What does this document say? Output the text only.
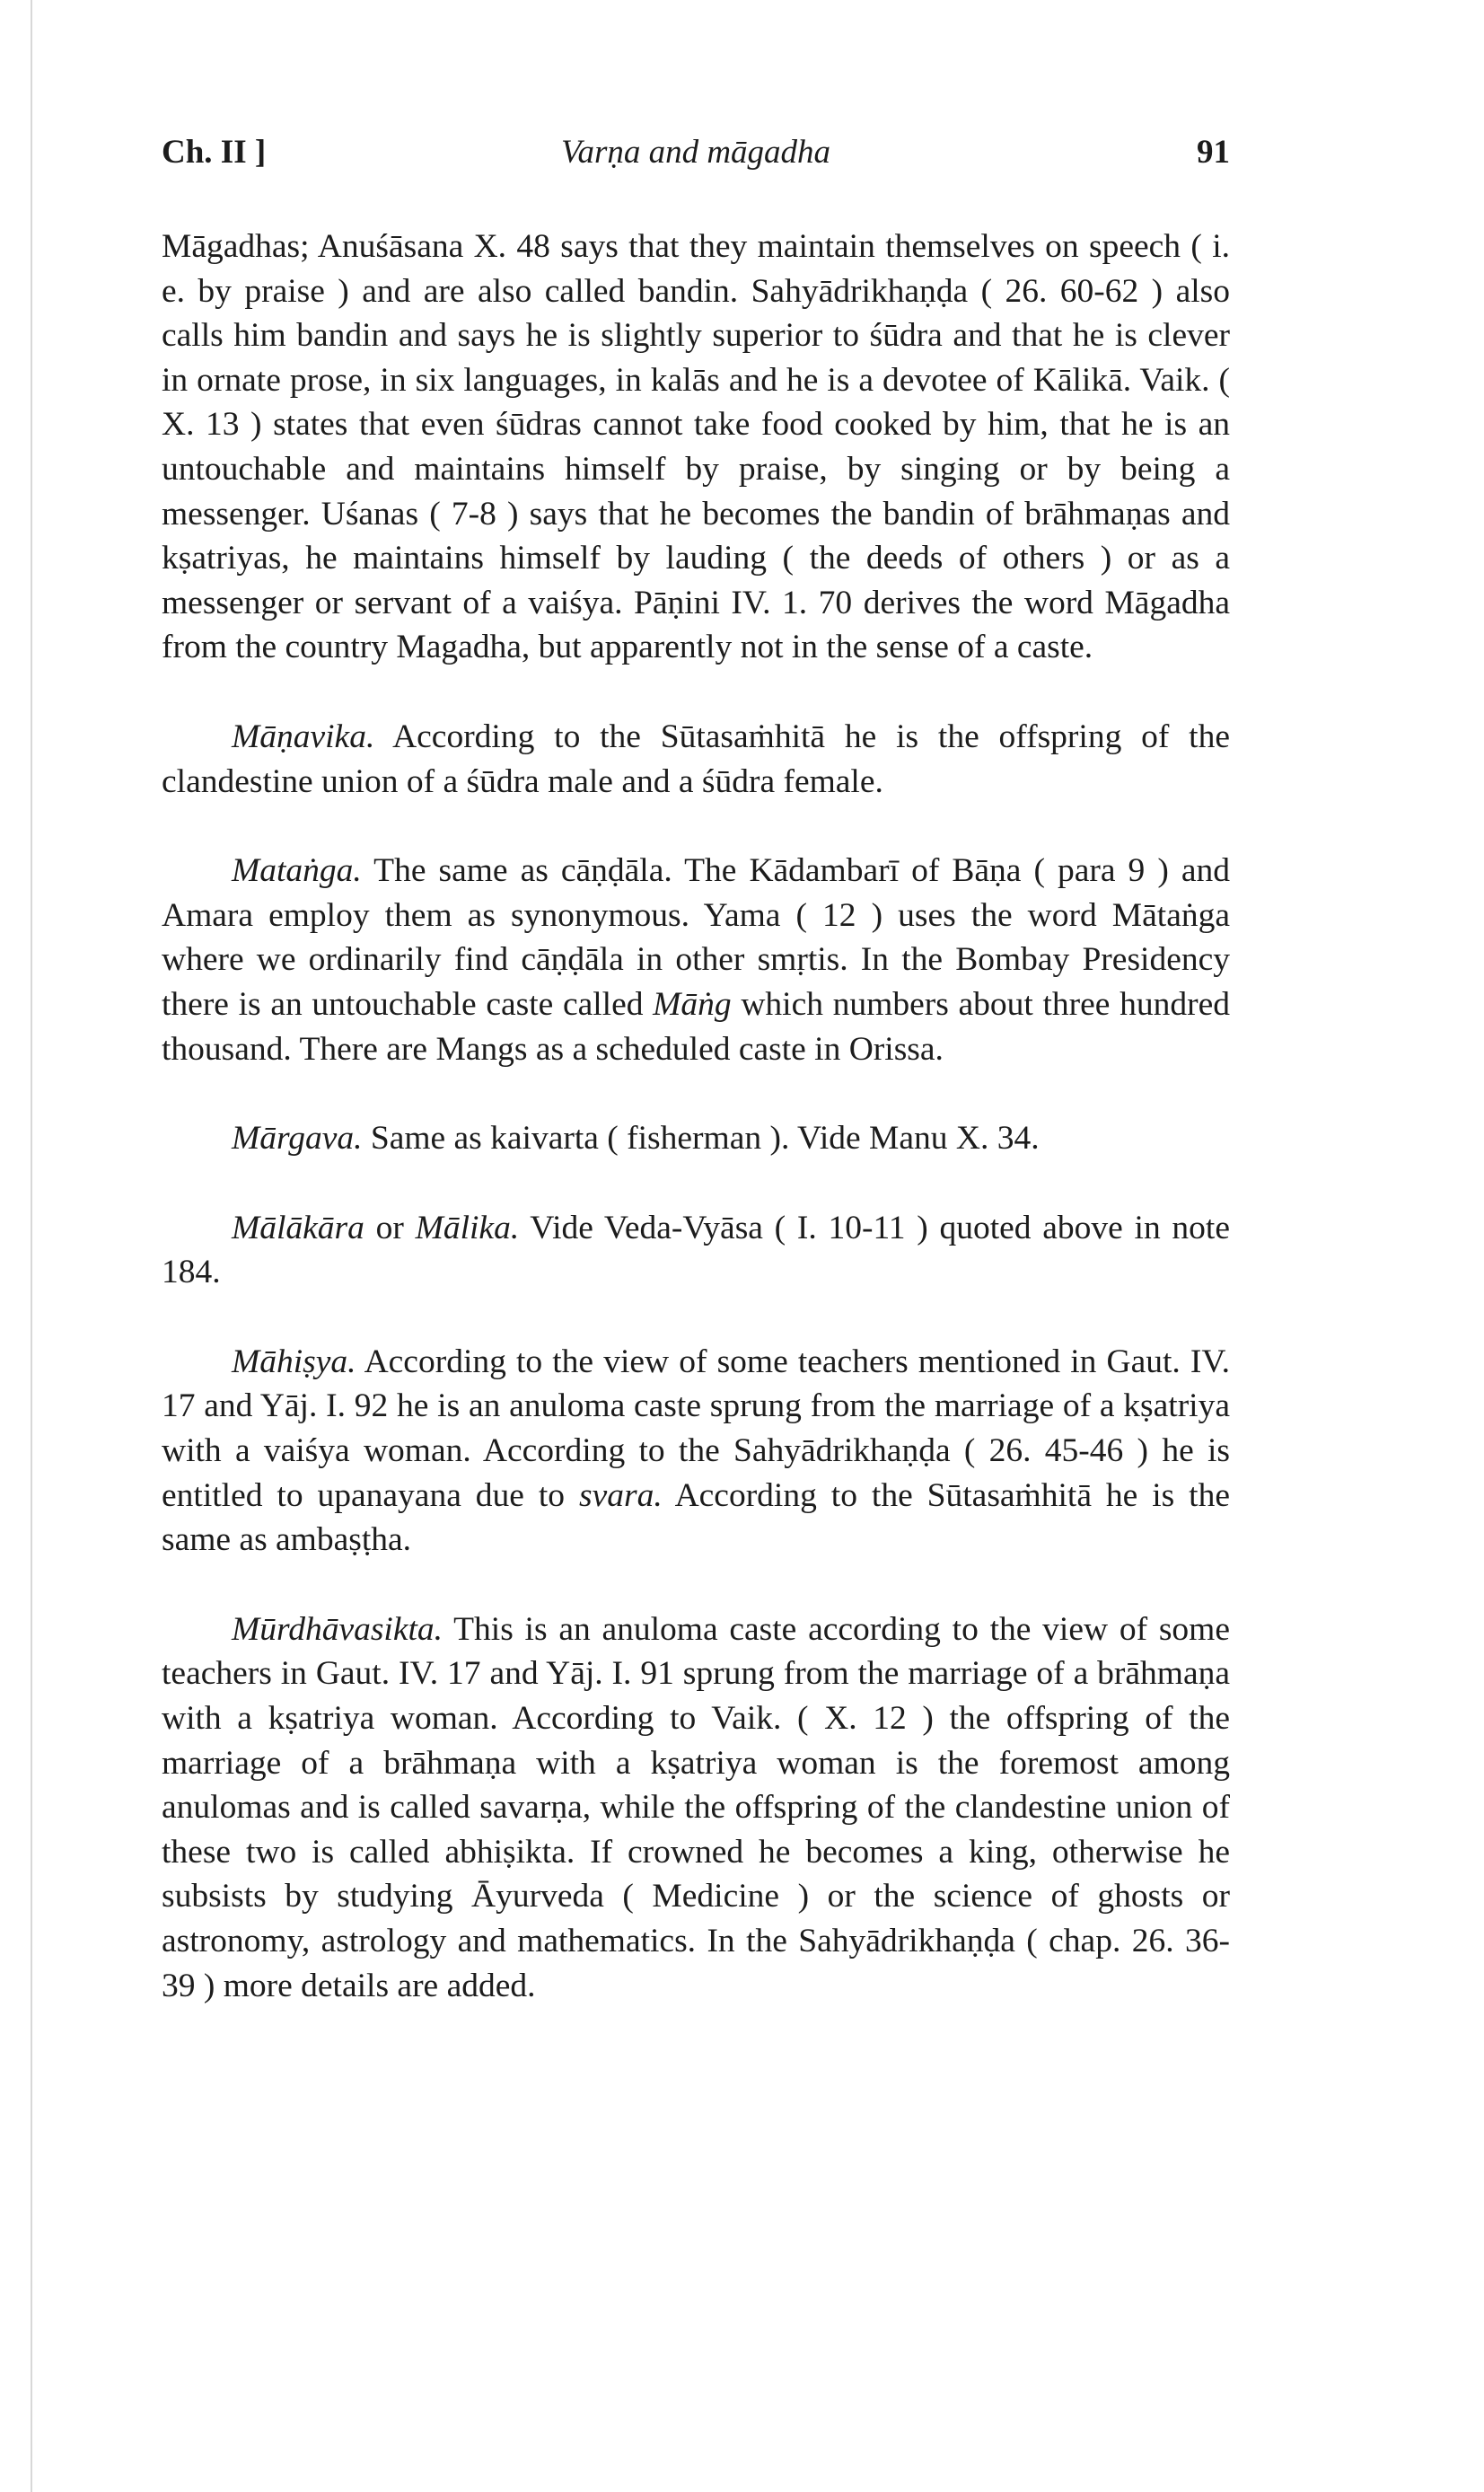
Ch. II ]	Varṇa and māgadha	91

Māgadhas; Anuśāsana X. 48 says that they maintain themselves on speech ( i. e. by praise ) and are also called bandin. Sahyādrikhaṇḍa ( 26. 60-62 ) also calls him bandin and says he is slightly superior to śūdra and that he is clever in ornate prose, in six languages, in kalās and he is a devotee of Kālikā. Vaik. ( X. 13 ) states that even śūdras cannot take food cooked by him, that he is an untouchable and maintains himself by praise, by singing or by being a messenger. Uśanas ( 7-8 ) says that he becomes the bandin of brāhmaṇas and kṣatriyas, he maintains himself by lauding ( the deeds of others ) or as a messenger or servant of a vaiśya. Pāṇini IV. 1. 70 derives the word Māgadha from the country Magadha, but apparently not in the sense of a caste.

Māṇavika. According to the Sūtasaṁhitā he is the offspring of the clandestine union of a śūdra male and a śūdra female.

Mataṅga. The same as cāṇḍāla. The Kādambarī of Bāṇa ( para 9 ) and Amara employ them as synonymous. Yama ( 12 ) uses the word Mātaṅga where we ordinarily find cāṇḍāla in other smṛtis. In the Bombay Presidency there is an untouchable caste called Māṅg which numbers about three hundred thousand. There are Mangs as a scheduled caste in Orissa.

Mārgava. Same as kaivarta ( fisherman ). Vide Manu X. 34.

Mālākāra or Mālika. Vide Veda-Vyāsa ( I. 10-11 ) quoted above in note 184.

Māhiṣya. According to the view of some teachers mentioned in Gaut. IV. 17 and Yāj. I. 92 he is an anuloma caste sprung from the marriage of a kṣatriya with a vaiśya woman. According to the Sahyādrikhaṇḍa ( 26. 45-46 ) he is entitled to upanayana due to svara. According to the Sūtasaṁhitā he is the same as ambaṣṭha.

Mūrdhāvasikta. This is an anuloma caste according to the view of some teachers in Gaut. IV. 17 and Yāj. I. 91 sprung from the marriage of a brāhmaṇa with a kṣatriya woman. According to Vaik. ( X. 12 ) the offspring of the marriage of a brāhmaṇa with a kṣatriya woman is the foremost among anulomas and is called savarṇa, while the offspring of the clandestine union of these two is called abhiṣikta. If crowned he becomes a king, otherwise he subsists by studying Āyurveda ( Medicine ) or the science of ghosts or astronomy, astrology and mathematics. In the Sahyādrikhaṇḍa ( chap. 26. 36-39 ) more details are added.
